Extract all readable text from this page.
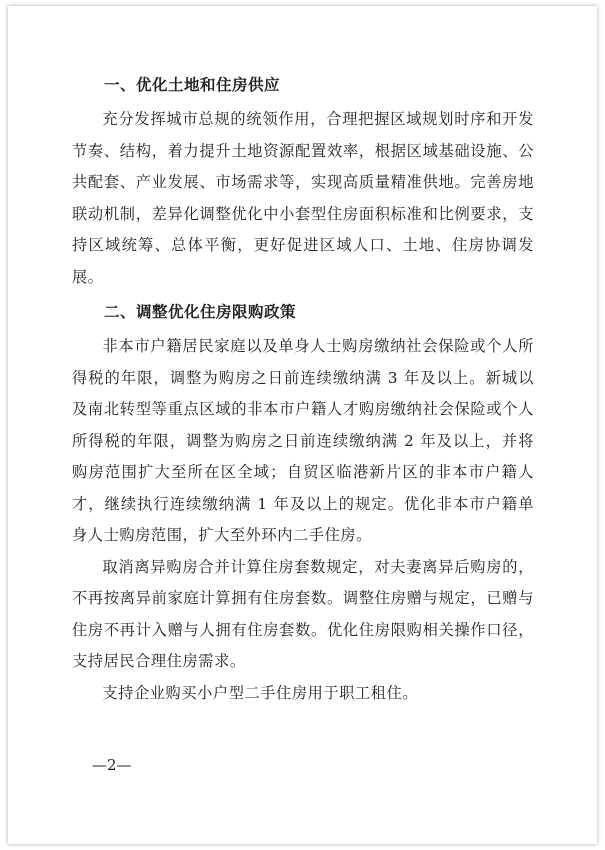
一、优化土地和住房供应

充分发挥城市总规的统领作用，合理把握区域规划时序和开发节奏、结构，着力提升土地资源配置效率，根据区域基础设施、公共配套、产业发展、市场需求等，实现高质量精准供地。完善房地联动机制，差异化调整优化中小套型住房面积标准和比例要求，支持区域统筹、总体平衡，更好促进区域人口、土地、住房协调发展。

二、调整优化住房限购政策

非本市户籍居民家庭以及单身人士购房缴纳社会保险或个人所得税的年限，调整为购房之日前连续缴纳满 3 年及以上。新城以及南北转型等重点区域的非本市户籍人才购房缴纳社会保险或个人所得税的年限，调整为购房之日前连续缴纳满 2 年及以上，并将购房范围扩大至所在区全域；自贸区临港新片区的非本市户籍人才，继续执行连续缴纳满 1 年及以上的规定。优化非本市户籍单身人士购房范围，扩大至外环内二手住房。

取消离异购房合并计算住房套数规定，对夫妻离异后购房的，不再按离异前家庭计算拥有住房套数。调整住房赠与规定，已赠与住房不再计入赠与人拥有住房套数。优化住房限购相关操作口径，支持居民合理住房需求。

支持企业购买小户型二手住房用于职工租住。

—2—
